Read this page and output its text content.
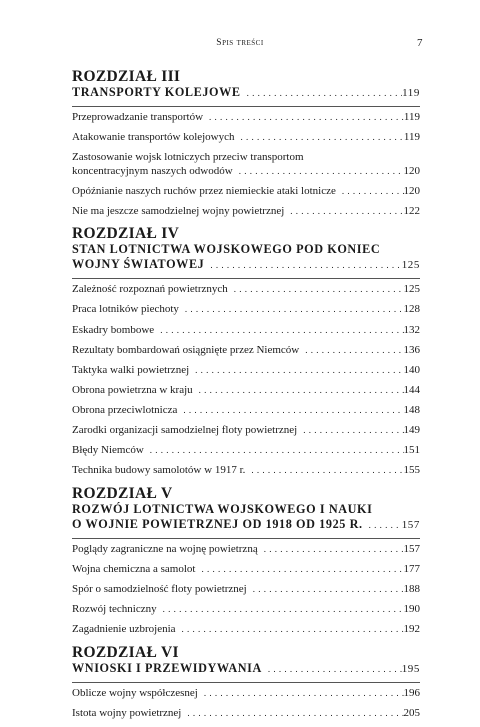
Spis treści	7
ROZDZIAŁ III
TRANSPORTY KOLEJOWE . . .	119
Przeprowadzanie transportów . . .	119
Atakowanie transportów kolejowych . . .	119
Zastosowanie wojsk lotniczych przeciw transportom
koncentracyjnym naszych odwodów . . .	120
Opóźnianie naszych ruchów przez niemieckie ataki lotnicze . . .	120
Nie ma jeszcze samodzielnej wojny powietrznej . . .	122
ROZDZIAŁ IV
STAN LOTNICTWA WOJSKOWEGO POD KONIEC
WOJNY ŚWIATOWEJ . . .	125
Zależność rozpoznań powietrznych . . .	125
Praca lotników piechoty . . .	128
Eskadry bombowe . . .	132
Rezultaty bombardowań osiągnięte przez Niemców . . .	136
Taktyka walki powietrznej . . .	140
Obrona powietrzna w kraju . . .	144
Obrona przeciwlotnicza . . .	148
Zarodki organizacji samodzielnej floty powietrznej . . .	149
Błędy Niemców . . .	151
Technika budowy samolotów w 1917 r. . . .	155
ROZDZIAŁ V
ROZWÓJ LOTNICTWA WOJSKOWEGO I NAUKI
O WOJNIE POWIETRZNEJ OD 1918 OD 1925 R. . . .	157
Poglądy zagraniczne na wojnę powietrzną . . .	157
Wojna chemiczna a samolot . . .	177
Spór o samodzielność floty powietrznej . . .	188
Rozwój techniczny . . .	190
Zagadnienie uzbrojenia . . .	192
ROZDZIAŁ VI
WNIOSKI I PRZEWIDYWANIA . . .	195
Oblicze wojny współczesnej . . .	196
Istota wojny powietrznej . . .	205
